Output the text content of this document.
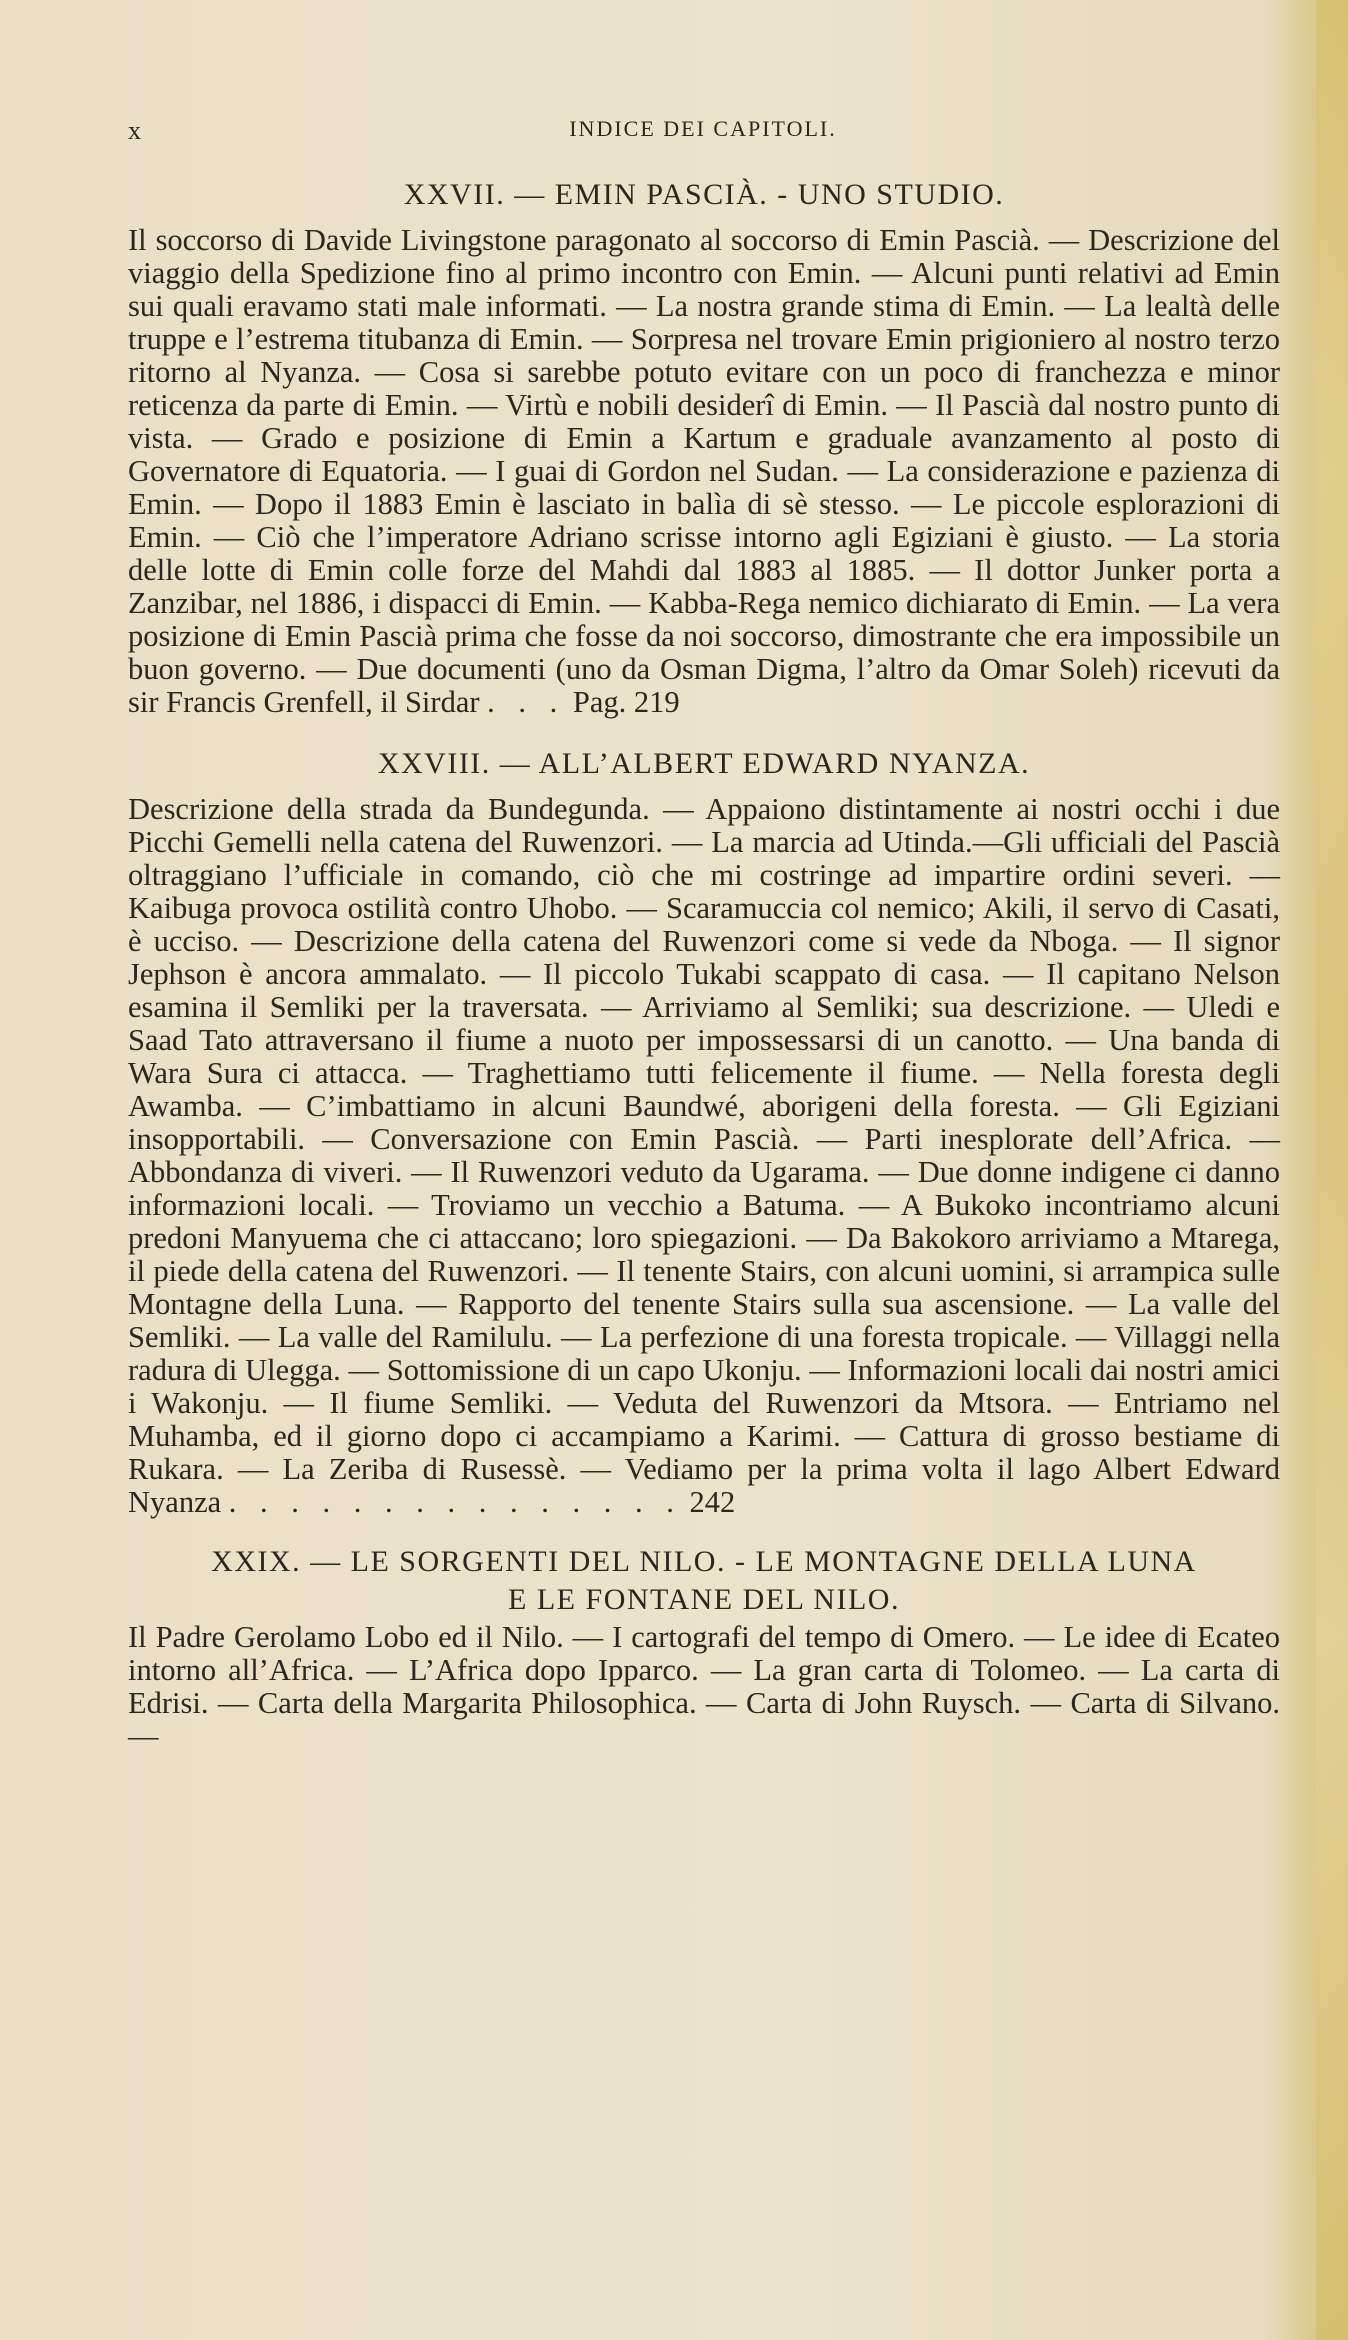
x	INDICE DEI CAPITOLI.
XXVII. — EMIN PASCIÀ. - UNO STUDIO.

Il soccorso di Davide Livingstone paragonato al soccorso di Emin Pascià. — Descrizione del viaggio della Spedizione fino al primo incontro con Emin. — Alcuni punti relativi ad Emin sui quali eravamo stati male informati. — La nostra grande stima di Emin. — La lealtà delle truppe e l’estrema titubanza di Emin. — Sorpresa nel trovare Emin prigioniero al nostro terzo ritorno al Nyanza. — Cosa si sarebbe potuto evitare con un poco di franchezza e minor reticenza da parte di Emin. — Virtù e nobili desiderî di Emin. — Il Pascià dal nostro punto di vista. — Grado e posizione di Emin a Kartum e graduale avanzamento al posto di Governatore di Equatoria. — I guai di Gordon nel Sudan. — La considerazione e pazienza di Emin. — Dopo il 1883 Emin è lasciato in balìa di sè stesso. — Le piccole esplorazioni di Emin. — Ciò che l’imperatore Adriano scrisse intorno agli Egiziani è giusto. — La storia delle lotte di Emin colle forze del Mahdi dal 1883 al 1885. — Il dottor Junker porta a Zanzibar, nel 1886, i dispacci di Emin. — Kabba-Rega nemico dichiarato di Emin. — La vera posizione di Emin Pascià prima che fosse da noi soccorso, dimostrante che era impossibile un buon governo. — Due documenti (uno da Osman Digma, l’altro da Omar Soleh) ricevuti da sir Francis Grenfell, il Sirdar . . . Pag. 219

XXVIII. — ALL’ALBERT EDWARD NYANZA.

Descrizione della strada da Bundegunda. — Appaiono distintamente ai nostri occhi i due Picchi Gemelli nella catena del Ruwenzori. — La marcia ad Utinda.—Gli ufficiali del Pascià oltraggiano l’ufficiale in comando, ciò che mi costringe ad impartire ordini severi. — Kaibuga provoca ostilità contro Uhobo. — Scaramuccia col nemico; Akili, il servo di Casati, è ucciso. — Descrizione della catena del Ruwenzori come si vede da Nboga. — Il signor Jephson è ancora ammalato. — Il piccolo Tukabi scappato di casa. — Il capitano Nelson esamina il Semliki per la traversata. — Arriviamo al Semliki; sua descrizione. — Uledi e Saad Tato attraversano il fiume a nuoto per impossessarsi di un canotto. — Una banda di Wara Sura ci attacca. — Traghettiamo tutti felicemente il fiume. — Nella foresta degli Awamba. — C’imbattiamo in alcuni Baundwé, aborigeni della foresta. — Gli Egiziani insopportabili. — Conversazione con Emin Pascià. — Parti inesplorate dell’Africa. — Abbondanza di viveri. — Il Ruwenzori veduto da Ugarama. — Due donne indigene ci danno informazioni locali. — Troviamo un vecchio a Batuma. — A Bukoko incontriamo alcuni predoni Manyuema che ci attaccano; loro spiegazioni. — Da Bakokoro arriviamo a Mtarega, il piede della catena del Ruwenzori. — Il tenente Stairs, con alcuni uomini, si arrampica sulle Montagne della Luna. — Rapporto del tenente Stairs sulla sua ascensione. — La valle del Semliki. — La valle del Ramilulu. — La perfezione di una foresta tropicale. — Villaggi nella radura di Ulegga. — Sottomissione di un capo Ukonju. — Informazioni locali dai nostri amici i Wakonju. — Il fiume Semliki. — Veduta del Ruwenzori da Mtsora. — Entriamo nel Muhamba, ed il giorno dopo ci accampiamo a Karimi. — Cattura di grosso bestiame di Rukara. — La Zeriba di Rusessè. — Vediamo per la prima volta il lago Albert Edward Nyanza . . . . . . . . . . . . . . . 242

XXIX. — LE SORGENTI DEL NILO. - LE MONTAGNE DELLA LUNA
E LE FONTANE DEL NILO.

Il Padre Gerolamo Lobo ed il Nilo. — I cartografi del tempo di Omero. — Le idee di Ecateo intorno all’Africa. — L’Africa dopo Ipparco. — La gran carta di Tolomeo. — La carta di Edrisi. — Carta della Margarita Philosophica. — Carta di John Ruysch. — Carta di Silvano. —
